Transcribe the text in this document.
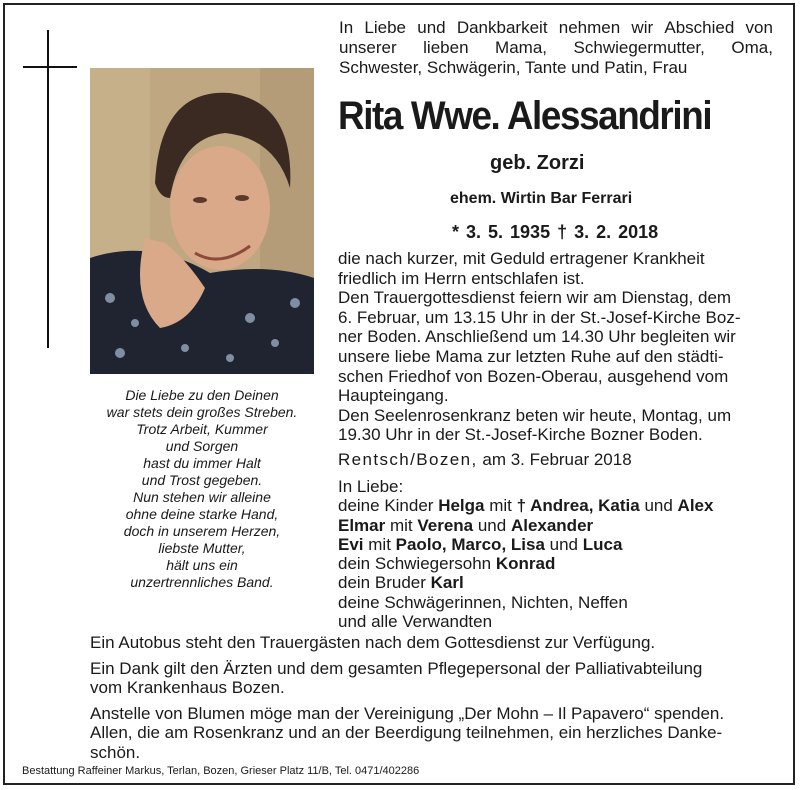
Die Liebe zu den Deinen
war stets dein großes Streben.
Trotz Arbeit, Kummer
und Sorgen
hast du immer Halt
und Trost gegeben.
Nun stehen wir alleine
ohne deine starke Hand,
doch in unserem Herzen,
liebste Mutter,
hält uns ein
unzertrennliches Band.
In Liebe und Dankbarkeit nehmen wir Abschied von
unserer lieben Mama, Schwiegermutter, Oma,
Schwester, Schwägerin, Tante und Patin, Frau
Rita Wwe. Alessandrini
geb. Zorzi
ehem. Wirtin Bar Ferrari
* 3. 5. 1935 † 3. 2. 2018
die nach kurzer, mit Geduld ertragener Krankheit
friedlich im Herrn entschlafen ist.
Den Trauergottesdienst feiern wir am Dienstag, dem
6. Februar, um 13.15 Uhr in der St.-Josef-Kirche Boz-
ner Boden. Anschließend um 14.30 Uhr begleiten wir
unsere liebe Mama zur letzten Ruhe auf den städti-
schen Friedhof von Bozen-Oberau, ausgehend vom
Haupteingang.
Den Seelenrosenkranz beten wir heute, Montag, um
19.30 Uhr in der St.-Josef-Kirche Bozner Boden.
Rentsch/Bozen, am 3. Februar 2018
In Liebe:
deine Kinder Helga mit † Andrea, Katia und Alex
Elmar mit Verena und Alexander
Evi mit Paolo, Marco, Lisa und Luca
dein Schwiegersohn Konrad
dein Bruder Karl
deine Schwägerinnen, Nichten, Neffen
und alle Verwandten
Ein Autobus steht den Trauergästen nach dem Gottesdienst zur Verfügung.
Ein Dank gilt den Ärzten und dem gesamten Pflegepersonal der Palliativabteilung
vom Krankenhaus Bozen.
Anstelle von Blumen möge man der Vereinigung „Der Mohn – Il Papavero“ spenden.
Allen, die am Rosenkranz und an der Beerdigung teilnehmen, ein herzliches Danke-
schön.
Bestattung Raffeiner Markus, Terlan, Bozen, Grieser Platz 11/B, Tel. 0471/402286
